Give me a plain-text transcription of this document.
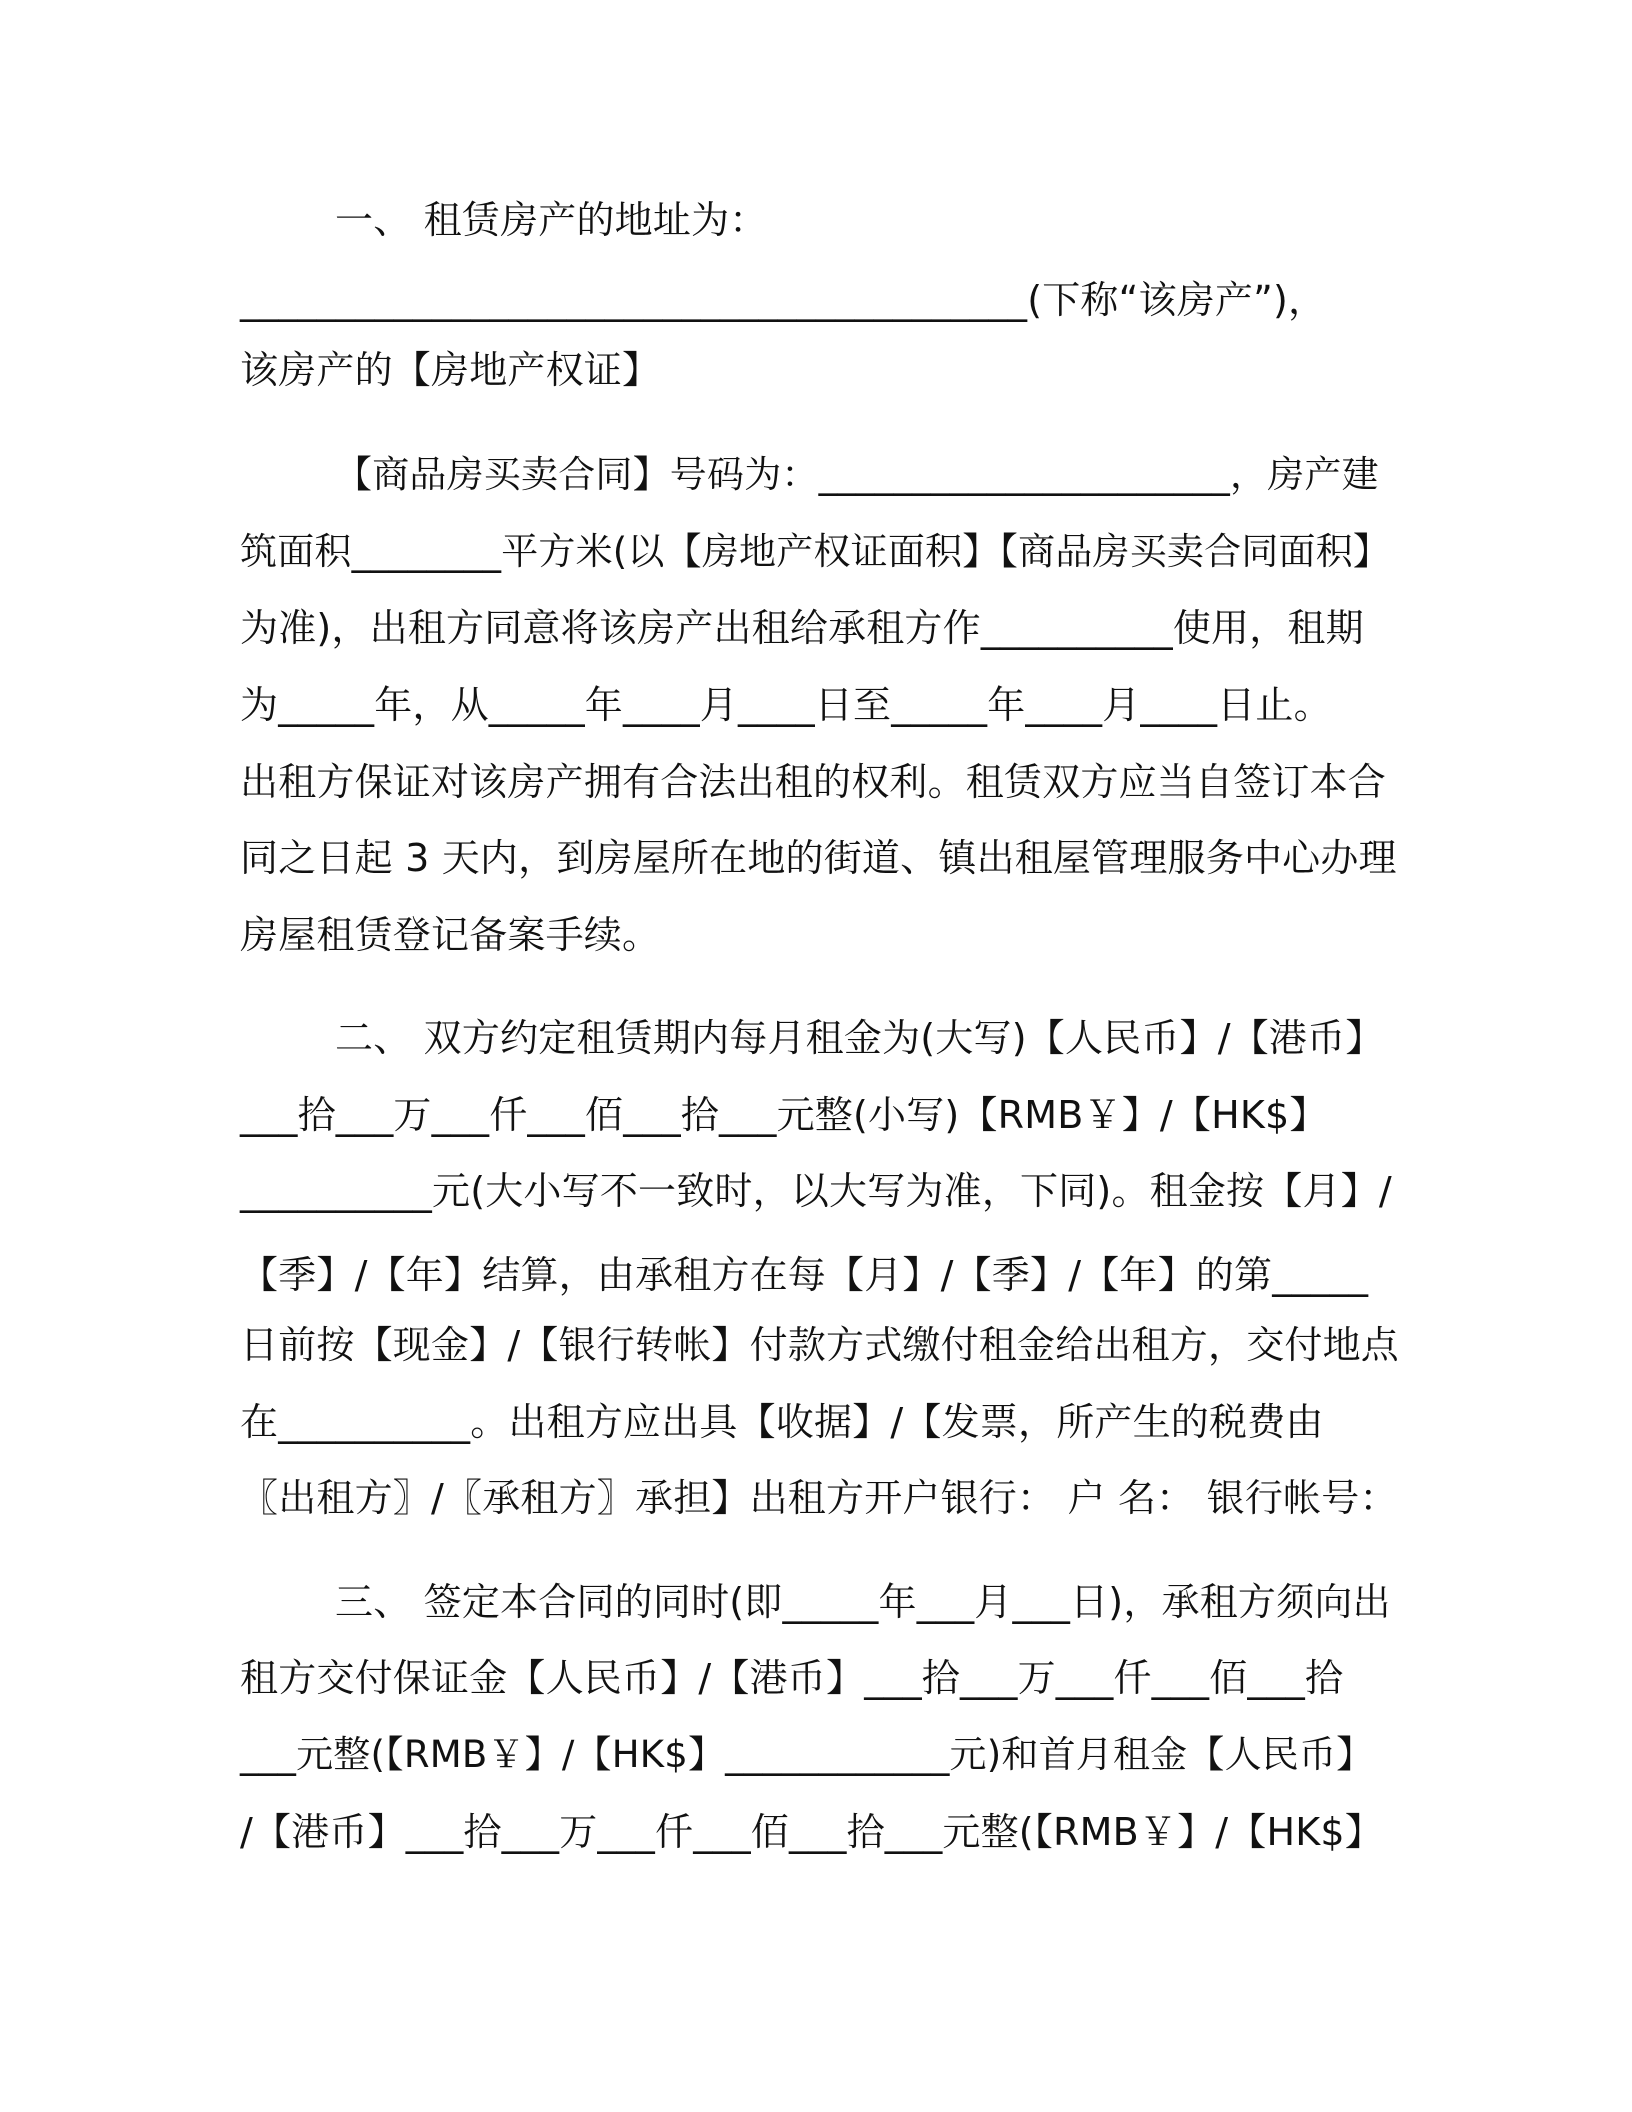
一、 租赁房产的地址为：
_________________________________________(下称“该房产”)，
该房产的【房地产权证】
【商品房买卖合同】号码为：______________________，房产建
筑面积________平方米(以【房地产权证面积】【商品房买卖合同面积】
为准)，出租方同意将该房产出租给承租方作__________使用，租期
为_____年，从_____年____月____日至_____年____月____日止。
出租方保证对该房产拥有合法出租的权利。租赁双方应当自签订本合
同之日起 3 天内，到房屋所在地的街道、镇出租屋管理服务中心办理
房屋租赁登记备案手续。
二、 双方约定租赁期内每月租金为(大写)【人民币】/【港币】
___拾___万___仟___佰___拾___元整(小写)【RMB￥】/【HK$】
__________元(大小写不一致时，以大写为准，下同)。租金按【月】/
【季】/【年】结算，由承租方在每【月】/【季】/【年】的第_____
日前按【现金】/【银行转帐】付款方式缴付租金给出租方，交付地点
在__________。出租方应出具【收据】/【发票，所产生的税费由
〖出租方〗/〖承租方〗承担】出租方开户银行： 户 名： 银行帐号：
三、 签定本合同的同时(即_____年___月___日)，承租方须向出
租方交付保证金【人民币】/【港币】___拾___万___仟___佰___拾
___元整(【RMB￥】/【HK$】____________元)和首月租金【人民币】
/【港币】___拾___万___仟___佰___拾___元整(【RMB￥】/【HK$】
